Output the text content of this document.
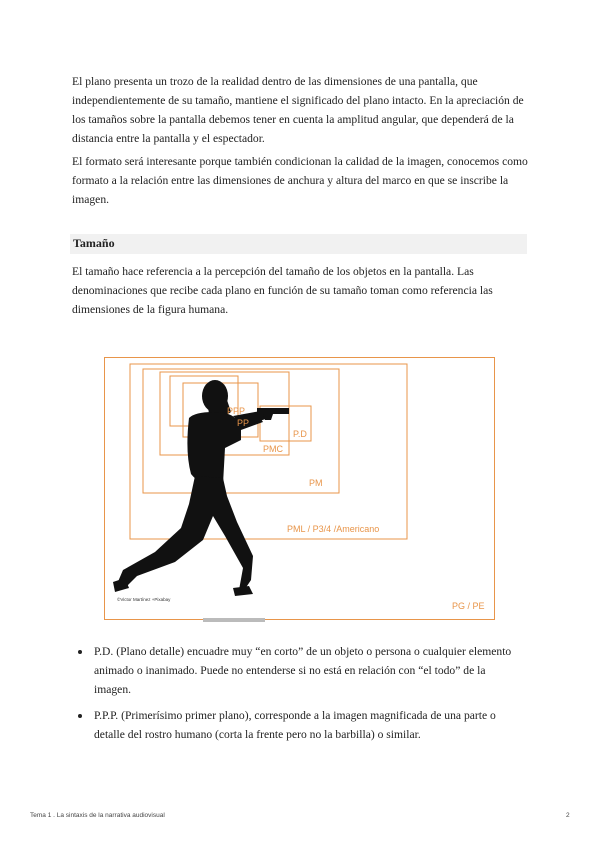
El plano presenta un trozo de la realidad dentro de las dimensiones de una pantalla, que independientemente de su tamaño, mantiene el significado del plano intacto. En la apreciación de los tamaños sobre la pantalla debemos tener en cuenta la amplitud angular, que dependerá de la distancia entre la pantalla y el espectador.

El formato será interesante porque también condicionan la calidad de la imagen, conocemos como formato a la relación entre las dimensiones de anchura y altura del marco en que se inscribe la imagen.

Tamaño

El tamaño hace referencia a la percepción del tamaño de los objetos en la pantalla. Las denominaciones que recibe cada plano en función de su tamaño toman como referencia las dimensiones de la figura humana.

PPP
PP
P.D
PMC
PM
PML / P3/4 /Americano
PG / PE
©Victor Martínez +Pixabay
P.D. (Plano detalle) encuadre muy “en corto” de un objeto o persona o cualquier elemento animado o inanimado. Puede no entenderse si no está en relación con “el todo” de la imagen.
P.P.P. (Primerísimo primer plano), corresponde a la imagen magnificada de una parte o detalle del rostro humano (corta la frente pero no la barbilla) o similar.
Tema 1 . La sintaxis de la narrativa audiovisual	2
